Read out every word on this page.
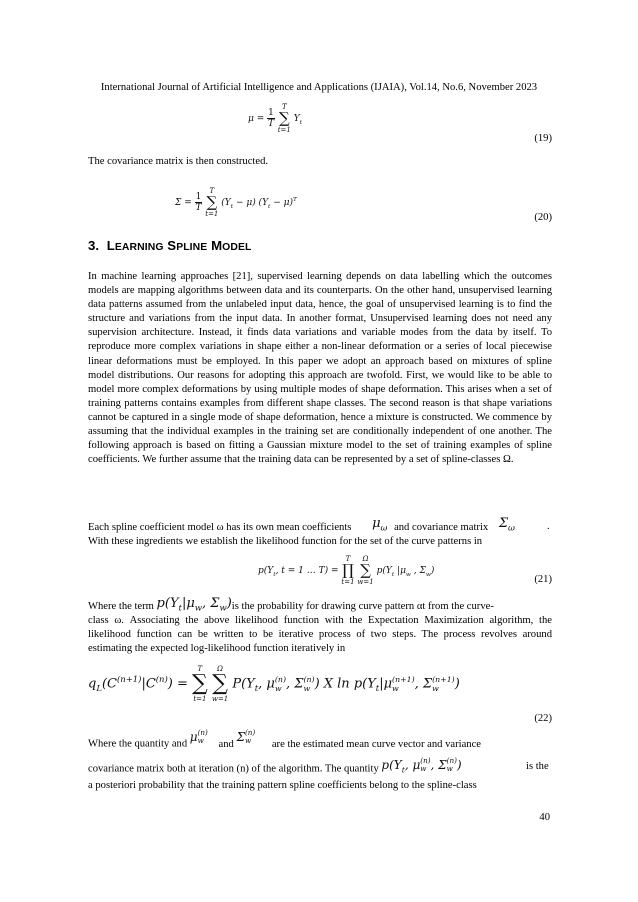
International Journal of Artificial Intelligence and Applications (IJAIA), Vol.14, No.6, November 2023
$\mu = \frac{1}{T}$

T
∑
t=1
$Y_t$
(19)
The covariance matrix is then constructed.
$\Sigma = \frac{1}{T}$

T
∑
t=1
$(Y_t - \mu) (Y_t - \mu)^T$
(20)
3. LEARNING SPLINE MODEL

In machine learning approaches [21], supervised learning depends on data labelling which the outcomes models are mapping algorithms between data and its counterparts. On the other hand, unsupervised learning data patterns assumed from the unlabeled input data, hence, the goal of unsupervised learning is to find the structure and variations from the input data. In another format, Unsupervised learning does not need any supervision architecture. Instead, it finds data variations and variable modes from the data by itself. To reproduce more complex variations in shape either a non-linear deformation or a series of local piecewise linear deformations must be employed. In this paper we adopt an approach based on mixtures of spline model distributions. Our reasons for adopting this approach are twofold. First, we would like to be able to model more complex deformations by using multiple modes of shape deformation. This arises when a set of training patterns contains examples from different shape classes. The second reason is that shape variations cannot be captured in a single mode of shape deformation, hence a mixture is constructed. We commence by assuming that the individual examples in the training set are conditionally independent of one another. The following approach is based on fitting a Gaussian mixture model to the set of training examples of spline coefficients. We further assume that the training data can be represented by a set of spline-classes Ω.

Each spline coefficient model ω has its own mean coefficients $\mu_\omega$ and covariance matrix $\Sigma_\omega$	.
With these ingredients we establish the likelihood function for the set of the curve patterns in
$p(Y_t$, t = 1 … T) =
T
∏
t=1

Ω
∑
w=1
$p(Y_t$ $|\mu_w$ , $\Sigma_w$)
(21)
Where the term $p(Y_t|\mu_w$, $\Sigma_w)is$ the probability for drawing curve pattern αt from the curve-

class ω. Associating the above likelihood function with the Expectation Maximization algorithm, the likelihood function can be written to be iterative process of two steps. The process revolves around estimating the expected log-likelihood function iteratively in

$q_L(C^{(n+1)}|C^{(n)})$ =
T
∑
t=1

Ω
∑
w=1
$P(Y_t$, μ(n)
w , Σ(n)
w ) X $\ln p(Y_t|\mu(n+1)$
w , Σ(n+1)
w )
(22)
Where the quantity and μ(n)
w and Σ(n)
w are the estimated mean curve vector and variance
covariance matrix both at iteration (n) of the algorithm. The quantity $p(Y_t$, μ(n)
w , Σ(n)
w )	is the
a posteriori probability that the training pattern spline coefficients belong to the spline-class
40
